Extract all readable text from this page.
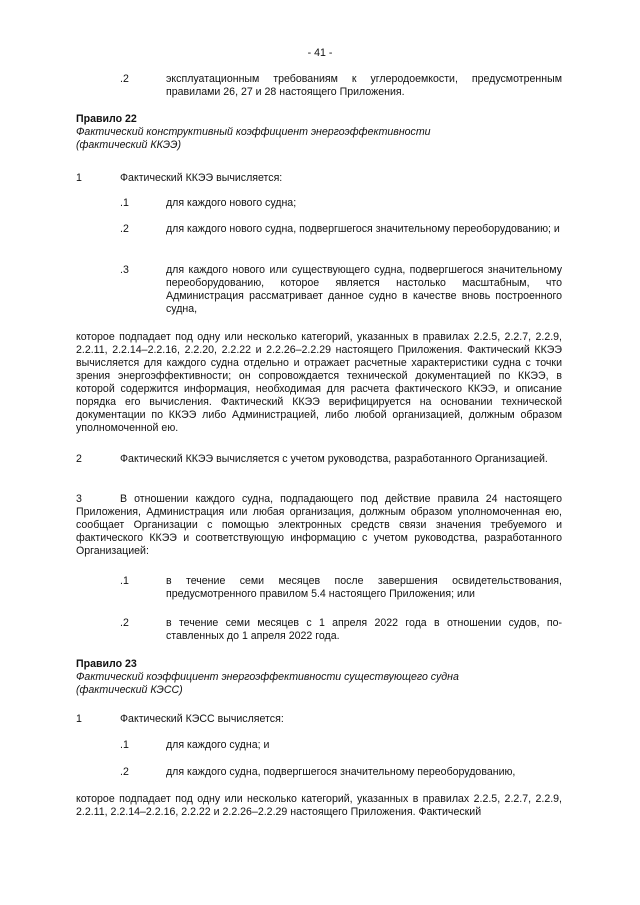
- 41 -
.2	эксплуатационным требованиям к углеродоемкости, предусмотренным правилами 26, 27 и 28 настоящего Приложения.
Правило 22
Фактический конструктивный коэффициент энергоэффективности
(фактический ККЭЭ)
1	Фактический ККЭЭ вычисляется:
.1	для каждого нового судна;
.2	для каждого нового судна, подвергшегося значительному переоборудованию; и
.3	для каждого нового или существующего судна, подвергшегося значительному переоборудованию, которое является настолько масштабным, что Администрация рассматривает данное судно в качестве вновь построенного судна,
которое подпадает под одну или несколько категорий, указанных в правилах 2.2.5, 2.2.7, 2.2.9, 2.2.11, 2.2.14–2.2.16, 2.2.20, 2.2.22 и 2.2.26–2.2.29 настоящего Приложения. Фактический ККЭЭ вычисляется для каждого судна отдельно и отражает расчетные характеристики судна с точки зрения энергоэффективности; он сопровождается технической документацией по ККЭЭ, в которой содержится информация, необходимая для расчета фактического ККЭЭ, и описание порядка его вычисления. Фактический ККЭЭ верифицируется на основании технической документации по ККЭЭ либо Администрацией, либо любой организацией, должным образом уполномоченной ею.
2	Фактический ККЭЭ вычисляется с учетом руководства, разработанного Организацией.
3	В отношении каждого судна, подпадающего под действие правила 24 настоящего Приложения, Администрация или любая организация, должным образом уполномоченная ею, сообщает Организации с помощью электронных средств связи значения требуемого и фактического ККЭЭ и соответствующую информацию с учетом руководства, разработанного Организацией:
.1	в течение семи месяцев после завершения освидетельствования, предусмотренного правилом 5.4 настоящего Приложения; или
.2	в течение семи месяцев с 1 апреля 2022 года в отношении судов, поставленных до 1 апреля 2022 года.
Правило 23
Фактический коэффициент энергоэффективности существующего судна
(фактический КЭСС)
1	Фактический КЭСС вычисляется:
.1	для каждого судна; и
.2	для каждого судна, подвергшегося значительному переоборудованию,
которое подпадает под одну или несколько категорий, указанных в правилах 2.2.5, 2.2.7, 2.2.9, 2.2.11, 2.2.14–2.2.16, 2.2.22 и 2.2.26–2.2.29 настоящего Приложения. Фактический
